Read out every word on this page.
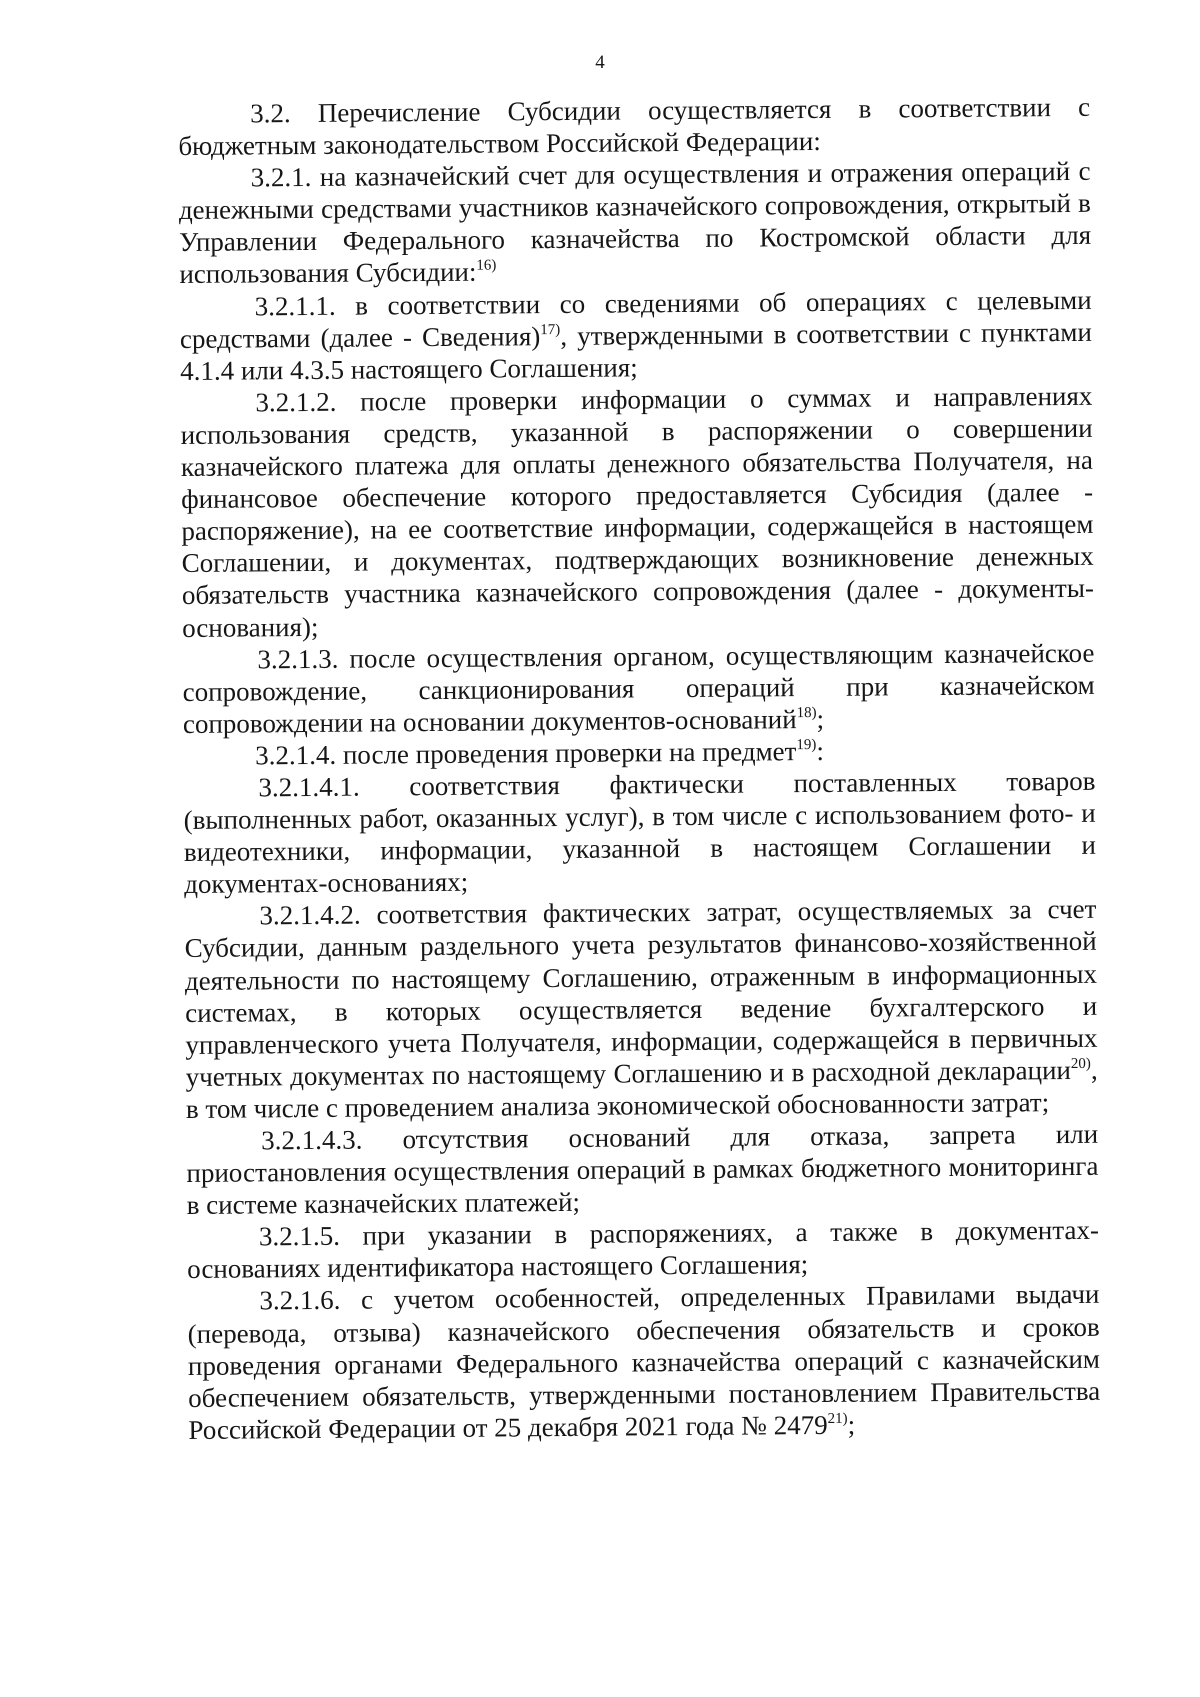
4

3.2. Перечисление Субсидии осуществляется в соответствии с бюджетным законодательством Российской Федерации:

3.2.1. на казначейский счет для осуществления и отражения операций с денежными средствами участников казначейского сопровождения, открытый в Управлении Федерального казначейства по Костромской области для использования Субсидии:$^{16)}$

3.2.1.1. в соответствии со сведениями об операциях с целевыми средствами (далее - Сведения)$^{17)}$, утвержденными в соответствии с пунктами 4.1.4 или 4.3.5 настоящего Соглашения;

3.2.1.2. после проверки информации о суммах и направлениях использования средств, указанной в распоряжении о совершении казначейского платежа для оплаты денежного обязательства Получателя, на финансовое обеспечение которого предоставляется Субсидия (далее - распоряжение), на ее соответствие информации, содержащейся в настоящем Соглашении, и документах, подтверждающих возникновение денежных обязательств участника казначейского сопровождения (далее - документы-основания);

3.2.1.3. после осуществления органом, осуществляющим казначейское сопровождение, санкционирования операций при казначейском сопровождении на основании документов-оснований$^{18)}$;

3.2.1.4. после проведения проверки на предмет$^{19)}$:

3.2.1.4.1. соответствия фактически поставленных товаров (выполненных работ, оказанных услуг), в том числе с использованием фото- и видеотехники, информации, указанной в настоящем Соглашении и документах-основаниях;

3.2.1.4.2. соответствия фактических затрат, осуществляемых за счет Субсидии, данным раздельного учета результатов финансово-хозяйственной деятельности по настоящему Соглашению, отраженным в информационных системах, в которых осуществляется ведение бухгалтерского и управленческого учета Получателя, информации, содержащейся в первичных учетных документах по настоящему Соглашению и в расходной декларации$^{20)}$, в том числе с проведением анализа экономической обоснованности затрат;

3.2.1.4.3. отсутствия оснований для отказа, запрета или приостановления осуществления операций в рамках бюджетного мониторинга в системе казначейских платежей;

3.2.1.5. при указании в распоряжениях, а также в документах-основаниях идентификатора настоящего Соглашения;

3.2.1.6. с учетом особенностей, определенных Правилами выдачи (перевода, отзыва) казначейского обеспечения обязательств и сроков проведения органами Федерального казначейства операций с казначейским обеспечением обязательств, утвержденными постановлением Правительства Российской Федерации от 25 декабря 2021 года № 2479$^{21)}$;
